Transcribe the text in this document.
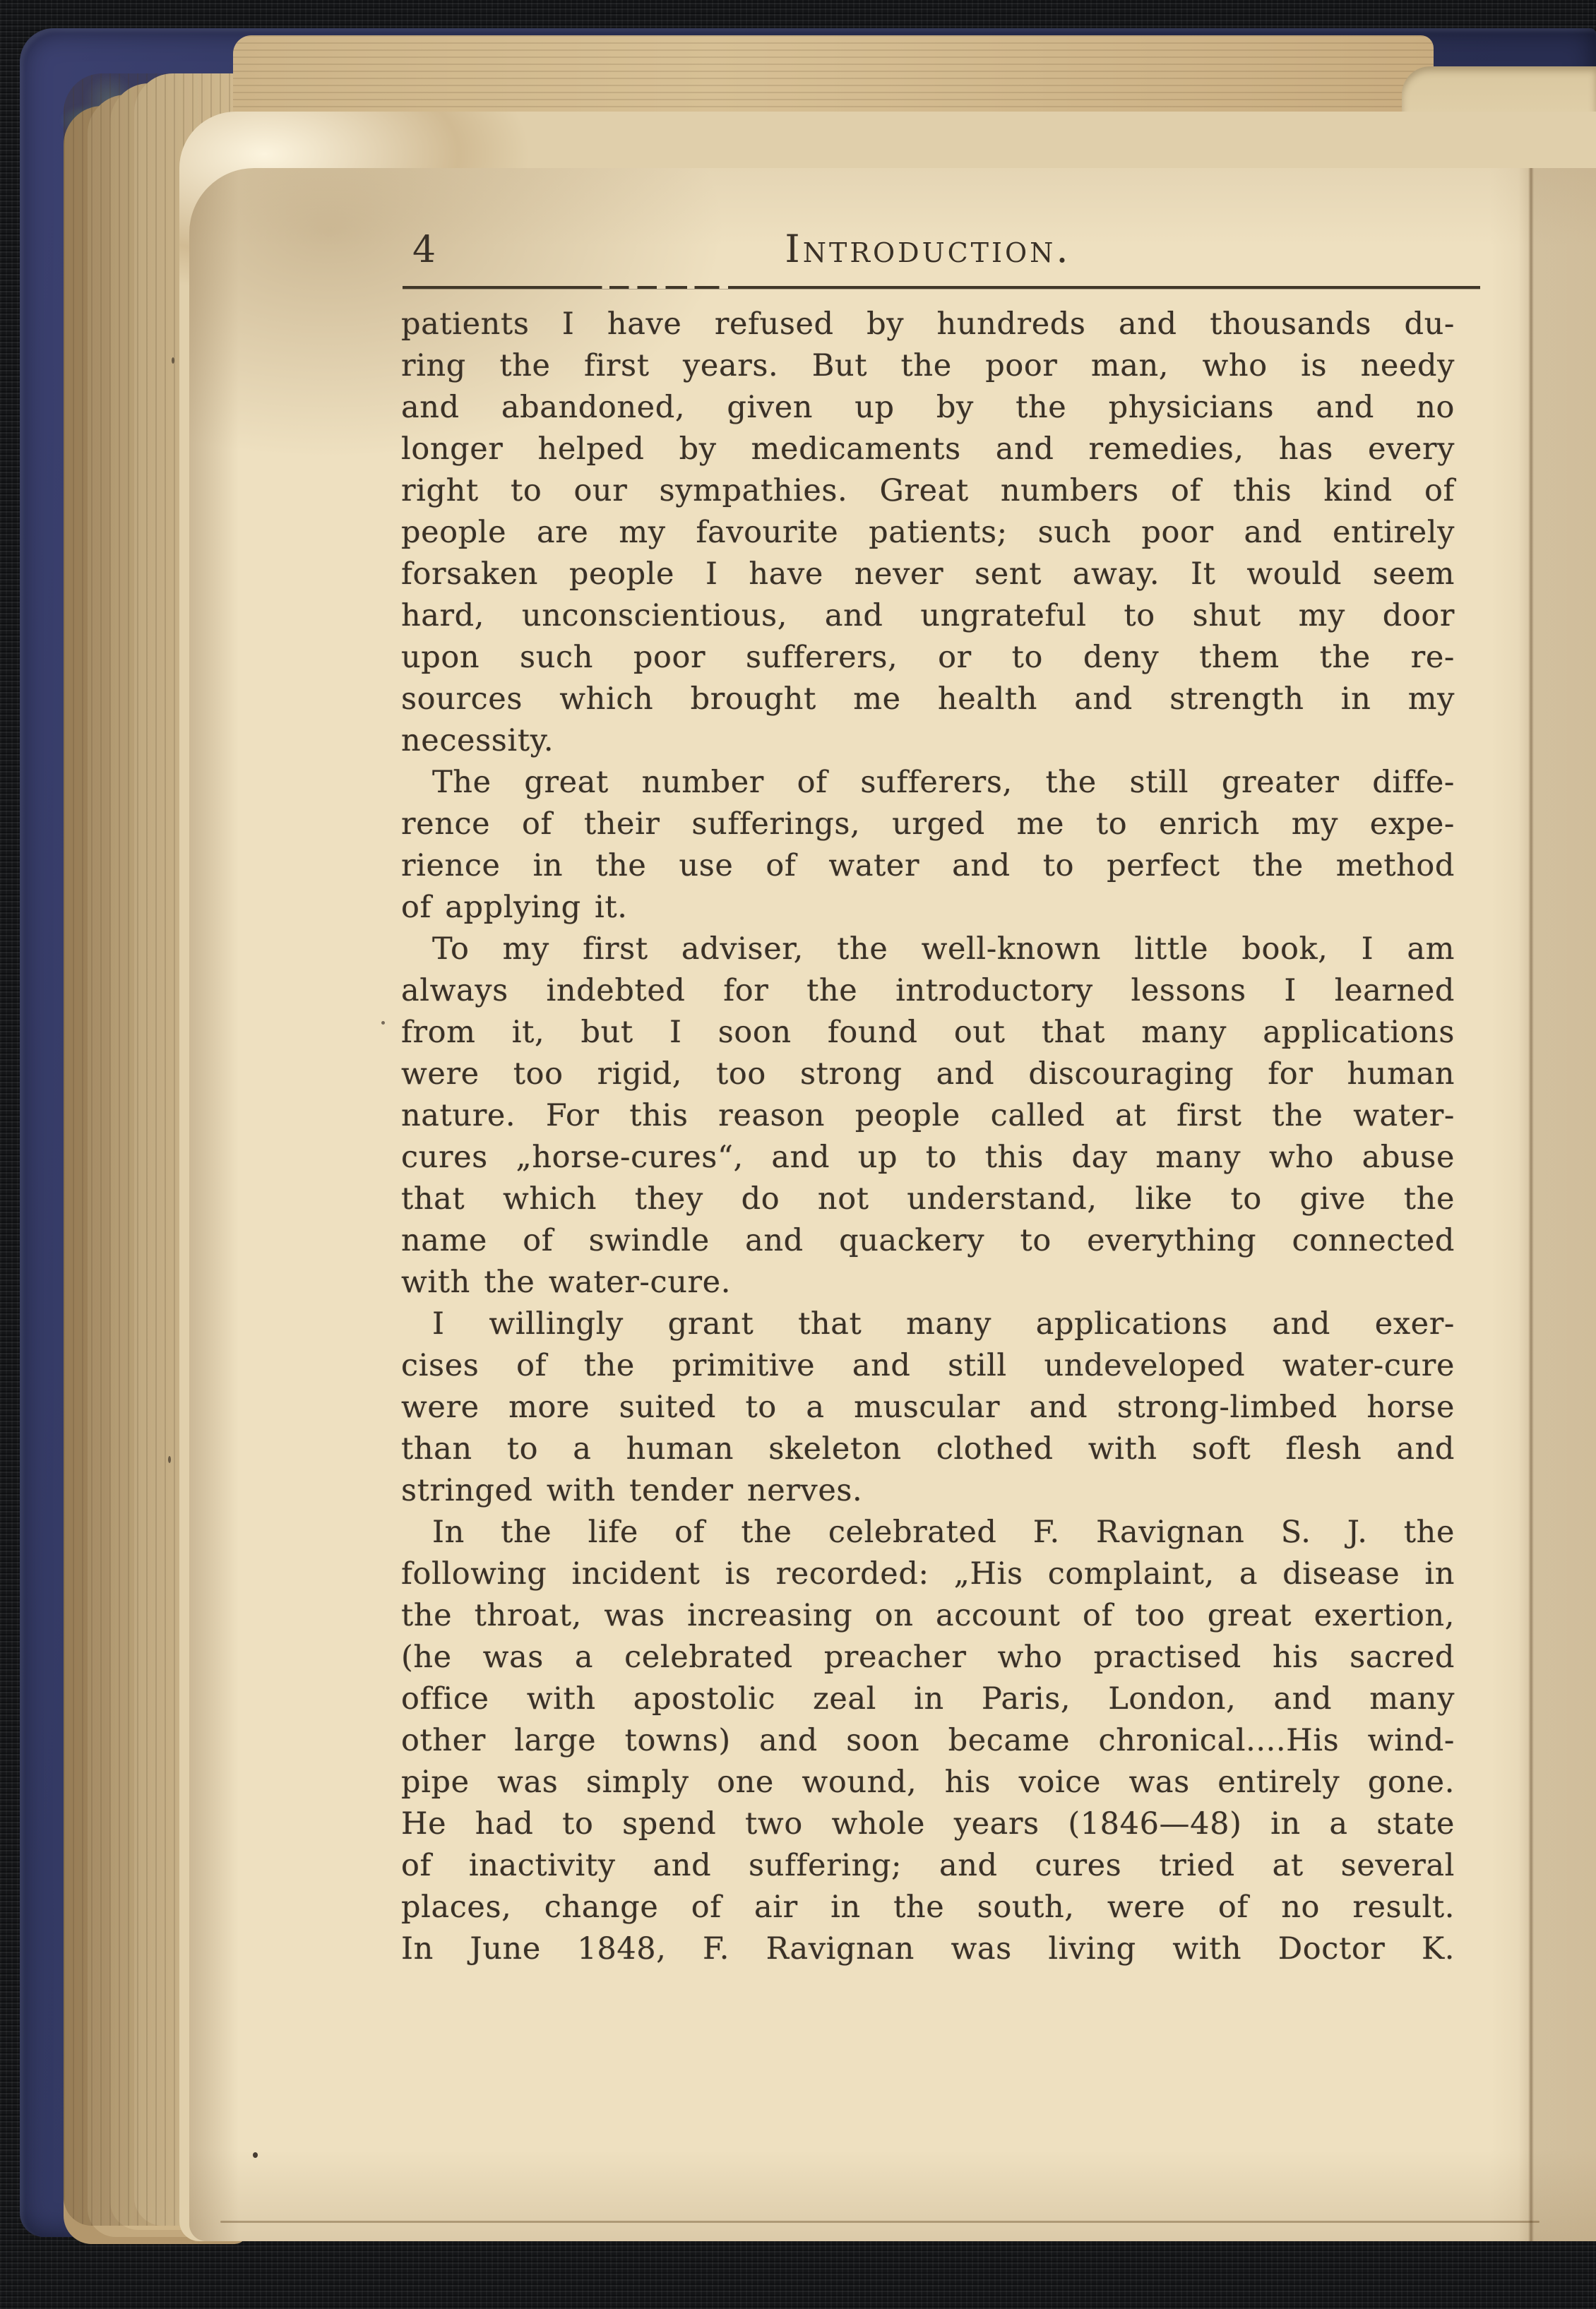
4	Introduction.
patients I have refused by hundreds and thousands du-
ring the first years. But the poor man, who is needy
and abandoned, given up by the physicians and no
longer helped by medicaments and remedies, has every
right to our sympathies. Great numbers of this kind of
people are my favourite patients; such poor and entirely
forsaken people I have never sent away. It would seem
hard, unconscientious, and ungrateful to shut my door
upon such poor sufferers, or to deny them the re-
sources which brought me health and strength in my
necessity.
The great number of sufferers, the still greater diffe-
rence of their sufferings, urged me to enrich my expe-
rience in the use of water and to perfect the method
of applying it.
To my first adviser, the well-known little book, I am
always indebted for the introductory lessons I learned
from it, but I soon found out that many applications
were too rigid, too strong and discouraging for human
nature. For this reason people called at first the water-
cures „horse-cures“, and up to this day many who abuse
that which they do not understand, like to give the
name of swindle and quackery to everything connected
with the water-cure.
I willingly grant that many applications and exer-
cises of the primitive and still undeveloped water-cure
were more suited to a muscular and strong-limbed horse
than to a human skeleton clothed with soft flesh and
stringed with tender nerves.
In the life of the celebrated F. Ravignan S. J. the
following incident is recorded: „His complaint, a disease in
the throat, was increasing on account of too great exertion,
(he was a celebrated preacher who practised his sacred
office with apostolic zeal in Paris, London, and many
other large towns) and soon became chronical....His wind-
pipe was simply one wound, his voice was entirely gone.
He had to spend two whole years (1846—48) in a state
of inactivity and suffering; and cures tried at several
places, change of air in the south, were of no result.
In June 1848, F. Ravignan was living with Doctor K.
